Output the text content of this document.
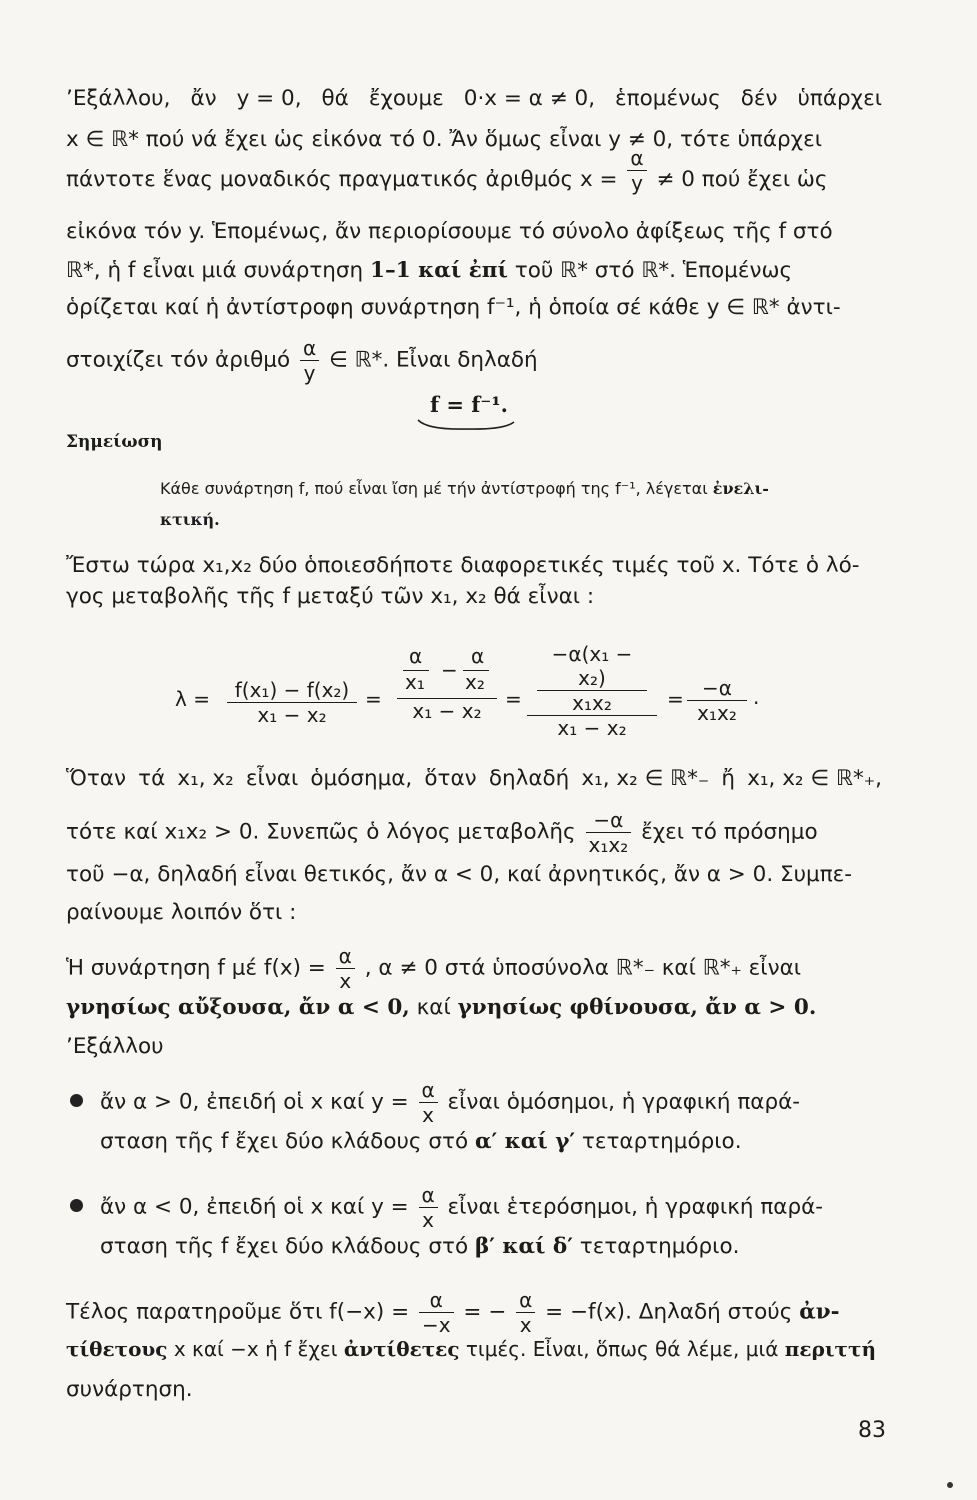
’Εξάλλου, ἄν y = 0, θά ἔχουμε 0·x = α ≠ 0, ἑπομένως δέν ὑπάρχει
x ∈ ℝ* πού νά ἔχει ὡς εἰκόνα τό 0. Ἄν ὅμως εἶναι y ≠ 0, τότε ὑπάρχει
πάντοτε ἕνας μοναδικός πραγματικός ἀριθμός $x = \frac{\alpha}{y} \ne 0$ πού ἔχει ὡς
εἰκόνα τόν y. Ἑπομένως, ἄν περιορίσουμε τό σύνολο ἀφίξεως τῆς f στό
ℝ*, ἡ f εἶναι μιά συνάρτηση 1–1 καί ἐπί τοῦ ℝ* στό ℝ*. Ἑπομένως
ὁρίζεται καί ἡ ἀντίστροφη συνάρτηση f⁻¹, ἡ ὁποία σέ κάθε y ∈ ℝ* ἀντι-
στοιχίζει τόν ἀριθμό $\frac{\alpha}{y}$ ∈ ℝ*. Εἶναι δηλαδή
f = f⁻¹.
Σημείωση
Κάθε συνάρτηση f, πού εἶναι ἴση μέ τήν ἀντίστροφή της f⁻¹, λέγεται ἐνελι-
κτική.
Ἔστω τώρα x₁,x₂ δύο ὁποιεσδήποτε διαφορετικές τιμές τοῦ x. Τότε ὁ λό-
γος μεταβολῆς τῆς f μεταξύ τῶν x₁, x₂ θά εἶναι :
$\lambda = \frac{\text{f(x₁) − f(x₂)}}{\text{x₁ − x₂}}$ =
α
−
α
x₁ x₂
x₁ − x₂	=
−α(x₁ − x₂)
x₁x₂
x₁ − x₂
= $\frac{-\alpha}{\text{x₁x₂}}$ .
Ὅταν τά x₁, x₂ εἶναι ὁμόσημα, ὅταν δηλαδή x₁, x₂ ∈ ℝ*₋ ἤ x₁, x₂ ∈ ℝ*₊,
τότε καί x₁x₂ > 0. Συνεπῶς ὁ λόγος μεταβολῆς $\frac{-\alpha}{\text{x₁x₂}}$ ἔχει τό πρόσημο
τοῦ −α, δηλαδή εἶναι θετικός, ἄν α < 0, καί ἀρνητικός, ἄν α > 0. Συμπε-
ραίνουμε λοιπόν ὅτι :
Ἡ συνάρτηση f μέ $f(x) = \frac{\alpha}{x}$ , α ≠ 0 στά ὑποσύνολα ℝ*₋ καί ℝ*₊ εἶναι
γνησίως αὔξουσα, ἄν α < 0, καί γνησίως φθίνουσα, ἄν α > 0.
’Εξάλλου
ἄν α > 0, ἐπειδή οἱ x καί $y = \frac{\alpha}{x}$ εἶναι ὁμόσημοι, ἡ γραφική παρά-
σταση τῆς f ἔχει δύο κλάδους στό α′ καί γ′ τεταρτημόριο.
ἄν α < 0, ἐπειδή οἱ x καί $y = \frac{\alpha}{x}$ εἶναι ἑτερόσημοι, ἡ γραφική παρά-
σταση τῆς f ἔχει δύο κλάδους στό β′ καί δ′ τεταρτημόριο.
Τέλος παρατηροῦμε ὅτι $f(-x) = \frac{\alpha}{-x}$ = − $\frac{\alpha}{x} = -f(x)$. Δηλαδή στούς ἀν-
τίθετους x καί −x ἡ f ἔχει ἀντίθετες τιμές. Εἶναι, ὅπως θά λέμε, μιά περιττή
συνάρτηση.
83
